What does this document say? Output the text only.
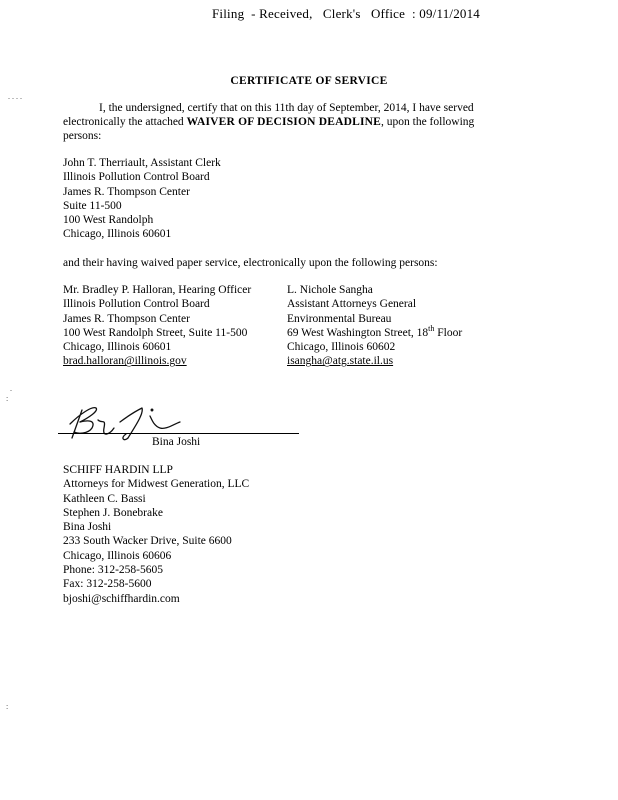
Filing  - Received,   Clerk's   Office  : 09/11/2014
. . . .
.
:
:
CERTIFICATE OF SERVICE

I, the undersigned, certify that on this 11th day of September, 2014, I have served electronically the attached WAIVER OF DECISION DEADLINE, upon the following persons:

John T. Therriault, Assistant Clerk
Illinois Pollution Control Board
James R. Thompson Center
Suite 11-500
100 West Randolph
Chicago, Illinois 60601

and their having waived paper service, electronically upon the following persons:

Mr. Bradley P. Halloran, Hearing Officer
Illinois Pollution Control Board
James R. Thompson Center
100 West Randolph Street, Suite 11-500
Chicago, Illinois 60601
brad.halloran@illinois.gov
L. Nichole Sangha
Assistant Attorneys General
Environmental Bureau
69 West Washington Street, 18th Floor
Chicago, Illinois 60602
isangha@atg.state.il.us
Bina Joshi
SCHIFF HARDIN LLP
Attorneys for Midwest Generation, LLC
Kathleen C. Bassi
Stephen J. Bonebrake
Bina Joshi
233 South Wacker Drive, Suite 6600
Chicago, Illinois 60606
Phone: 312-258-5605
Fax: 312-258-5600
bjoshi@schiffhardin.com
